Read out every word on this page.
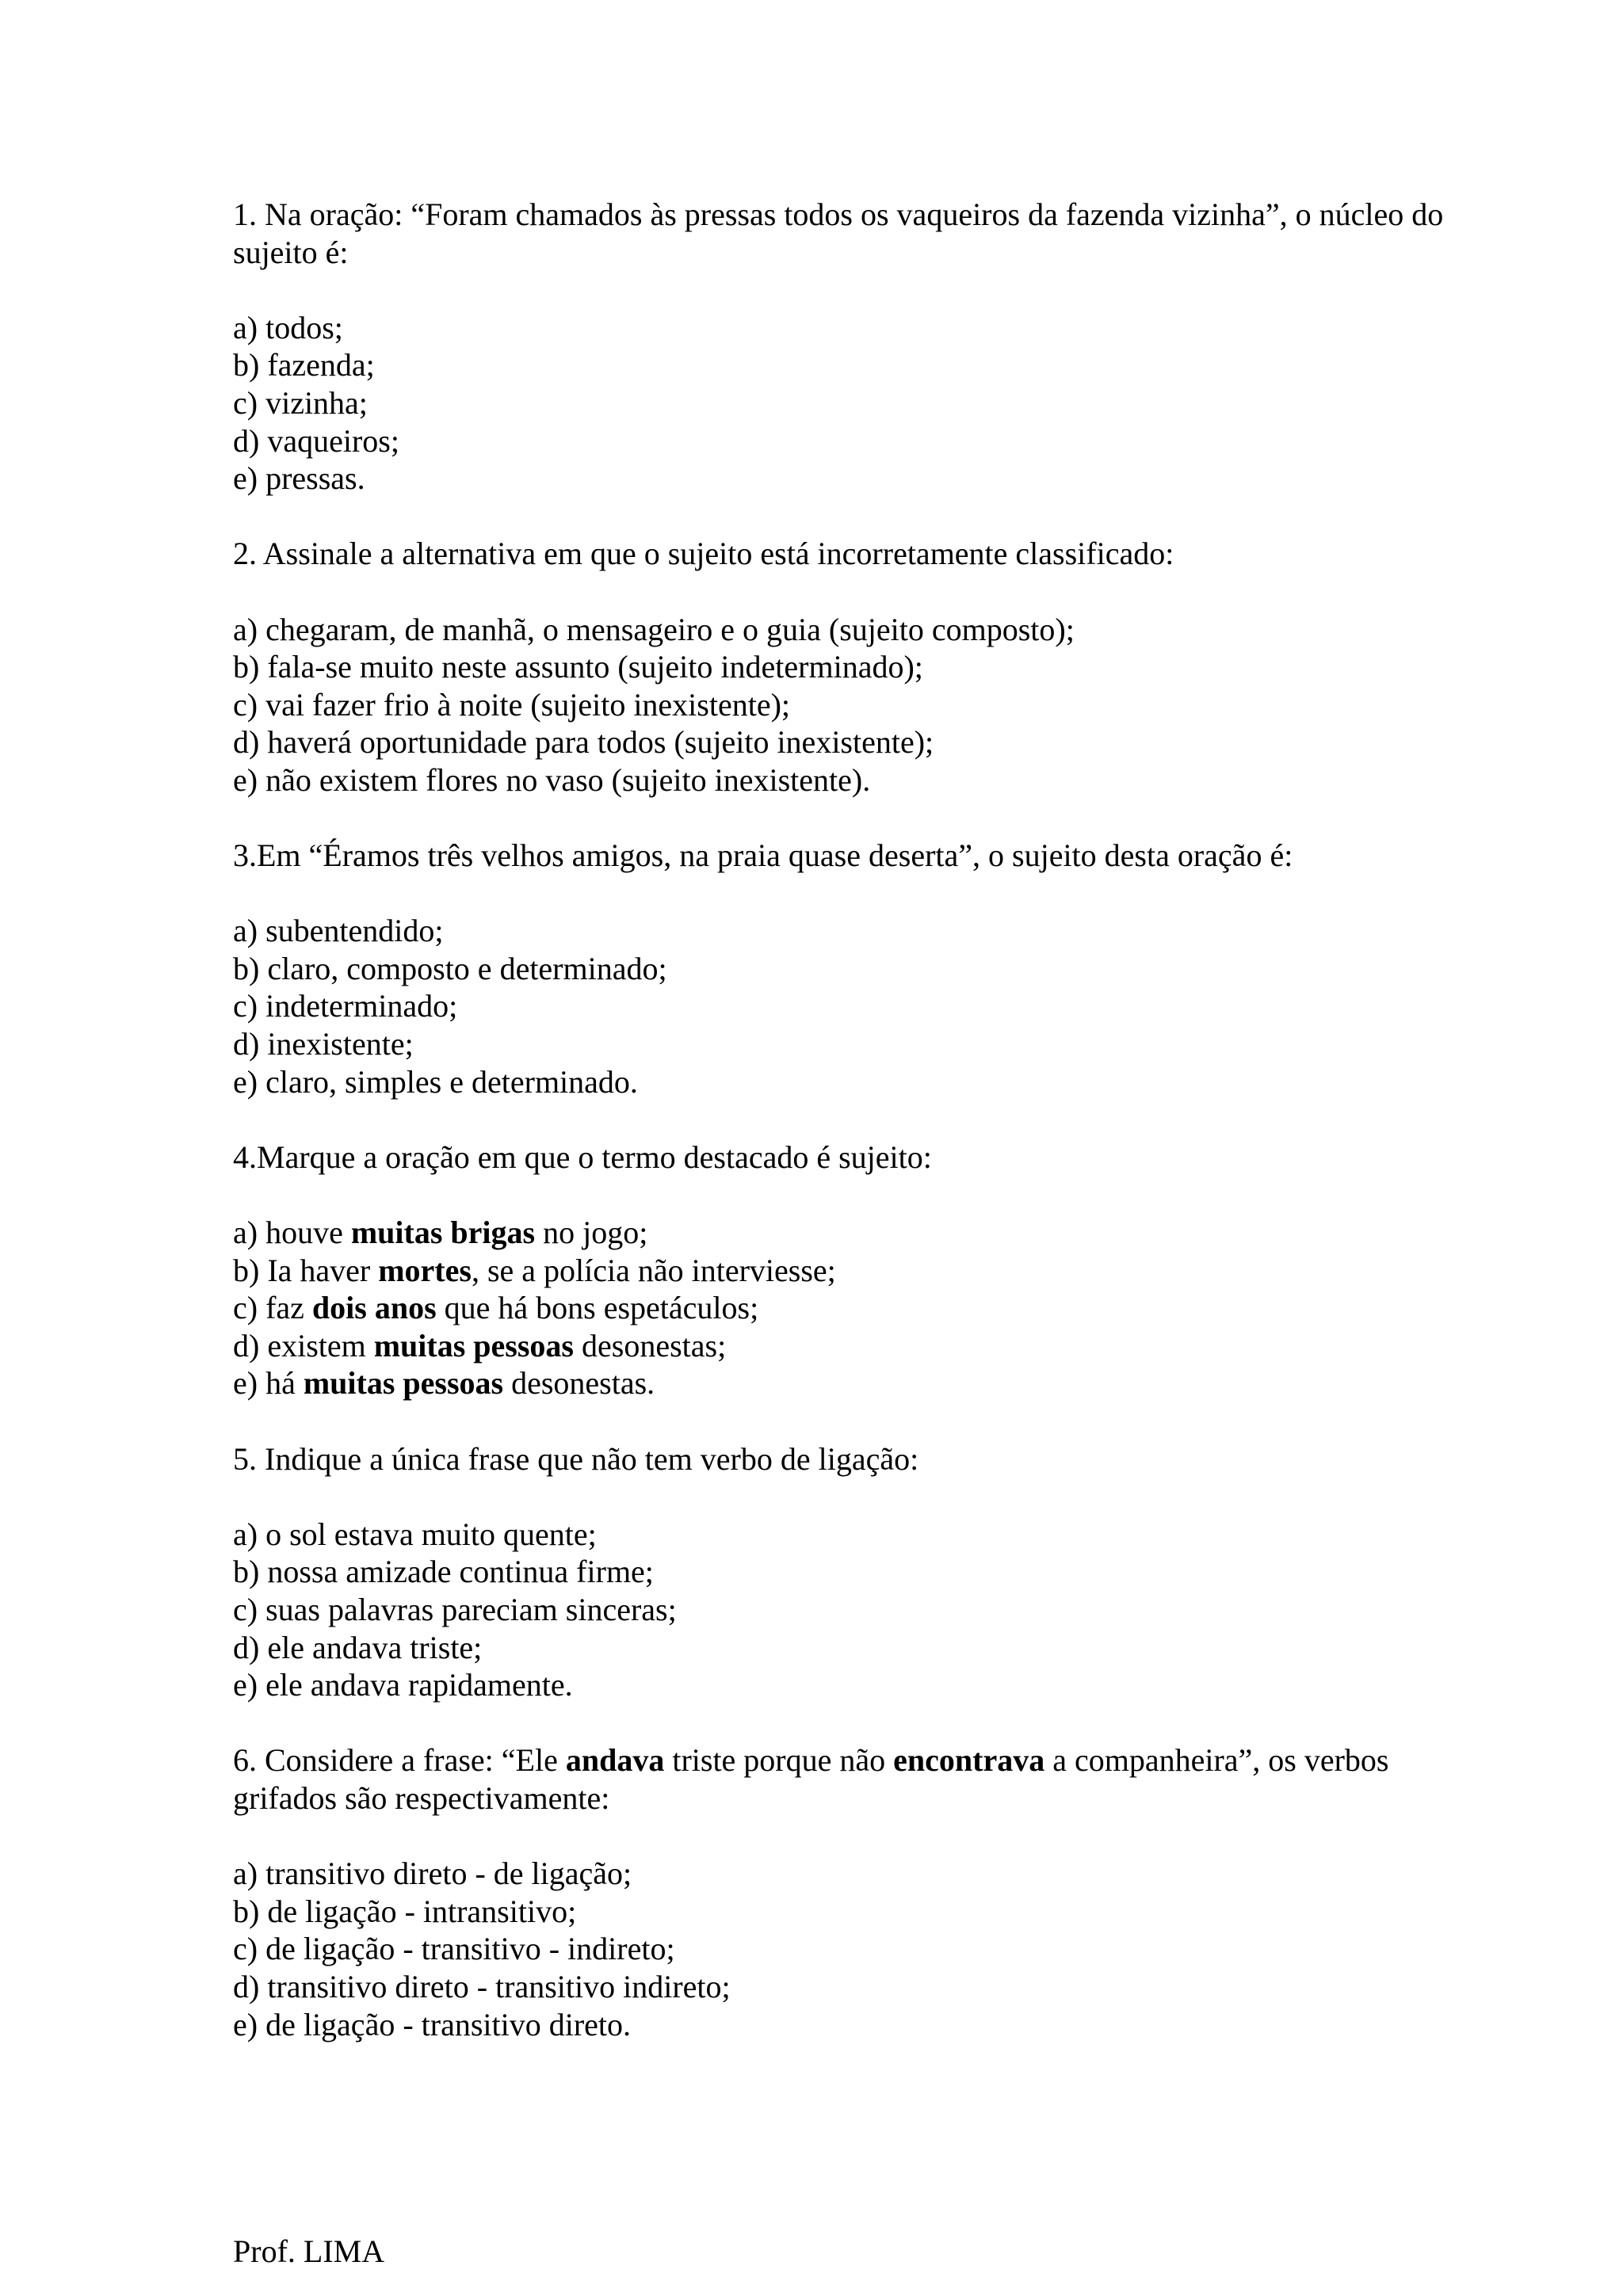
1. Na oração: “Foram chamados às pressas todos os vaqueiros da fazenda vizinha”, o núcleo do sujeito é:
a) todos;
b) fazenda;
c) vizinha;
d) vaqueiros;
e) pressas.
2. Assinale a alternativa em que o sujeito está incorretamente classificado:
a) chegaram, de manhã, o mensageiro e o guia (sujeito composto);
b) fala-se muito neste assunto (sujeito indeterminado);
c) vai fazer frio à noite (sujeito inexistente);
d) haverá oportunidade para todos (sujeito inexistente);
e) não existem flores no vaso (sujeito inexistente).
3.Em “Éramos três velhos amigos, na praia quase deserta”, o sujeito desta oração é:
a) subentendido;
b) claro, composto e determinado;
c) indeterminado;
d) inexistente;
e) claro, simples e determinado.
4.Marque a oração em que o termo destacado é sujeito:
a) houve muitas brigas no jogo;
b) Ia haver mortes, se a polícia não interviesse;
c) faz dois anos que há bons espetáculos;
d) existem muitas pessoas desonestas;
e) há muitas pessoas desonestas.
5. Indique a única frase que não tem verbo de ligação:
a) o sol estava muito quente;
b) nossa amizade continua firme;
c) suas palavras pareciam sinceras;
d) ele andava triste;
e) ele andava rapidamente.
6. Considere a frase: “Ele andava triste porque não encontrava a companheira”, os verbos grifados são respectivamente:
a) transitivo direto - de ligação;
b) de ligação - intransitivo;
c) de ligação - transitivo - indireto;
d) transitivo direto - transitivo indireto;
e) de ligação - transitivo direto.
Prof. LIMA
